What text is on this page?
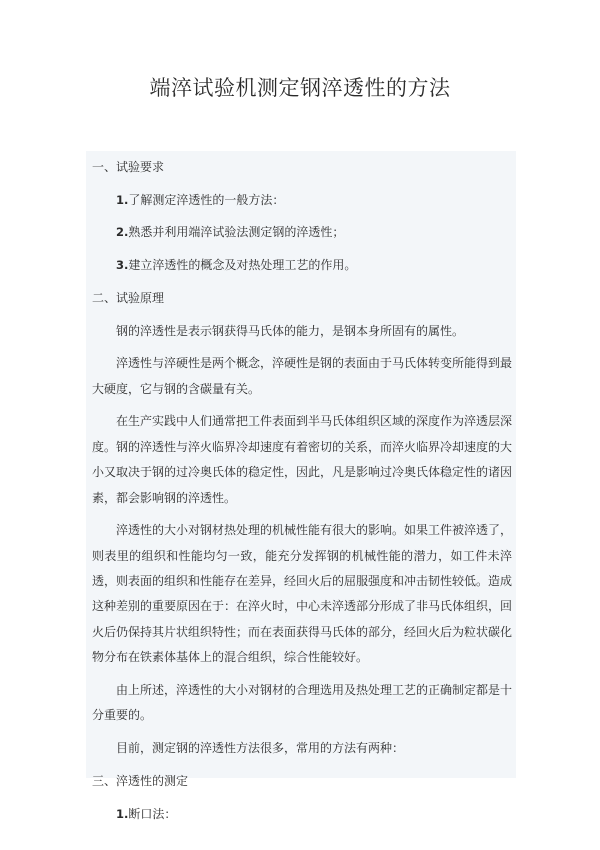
端淬试验机测定钢淬透性的方法

一、试验要求

1.了解测定淬透性的一般方法：

2.熟悉并利用端淬试验法测定钢的淬透性；

3.建立淬透性的概念及对热处理工艺的作用。

二、试验原理

钢的淬透性是表示钢获得马氏体的能力，是钢本身所固有的属性。

淬透性与淬硬性是两个概念，淬硬性是钢的表面由于马氏体转变所能得到最大硬度，它与钢的含碳量有关。

在生产实践中人们通常把工件表面到半马氏体组织区域的深度作为淬透层深度。钢的淬透性与淬火临界冷却速度有着密切的关系，而淬火临界冷却速度的大小又取决于钢的过冷奥氏体的稳定性，因此，凡是影响过冷奥氏体稳定性的诸因素，都会影响钢的淬透性。

淬透性的大小对钢材热处理的机械性能有很大的影响。如果工件被淬透了，则表里的组织和性能均匀一致，能充分发挥钢的机械性能的潜力，如工件未淬透，则表面的组织和性能存在差异，经回火后的屈服强度和冲击韧性较低。造成这种差别的重要原因在于：在淬火时，中心未淬透部分形成了非马氏体组织，回火后仍保持其片状组织特性；而在表面获得马氏体的部分，经回火后为粒状碳化物分布在铁素体基体上的混合组织，综合性能较好。

由上所述，淬透性的大小对钢材的合理选用及热处理工艺的正确制定都是十分重要的。

目前，测定钢的淬透性方法很多，常用的方法有两种：

三、淬透性的测定

1.断口法：
